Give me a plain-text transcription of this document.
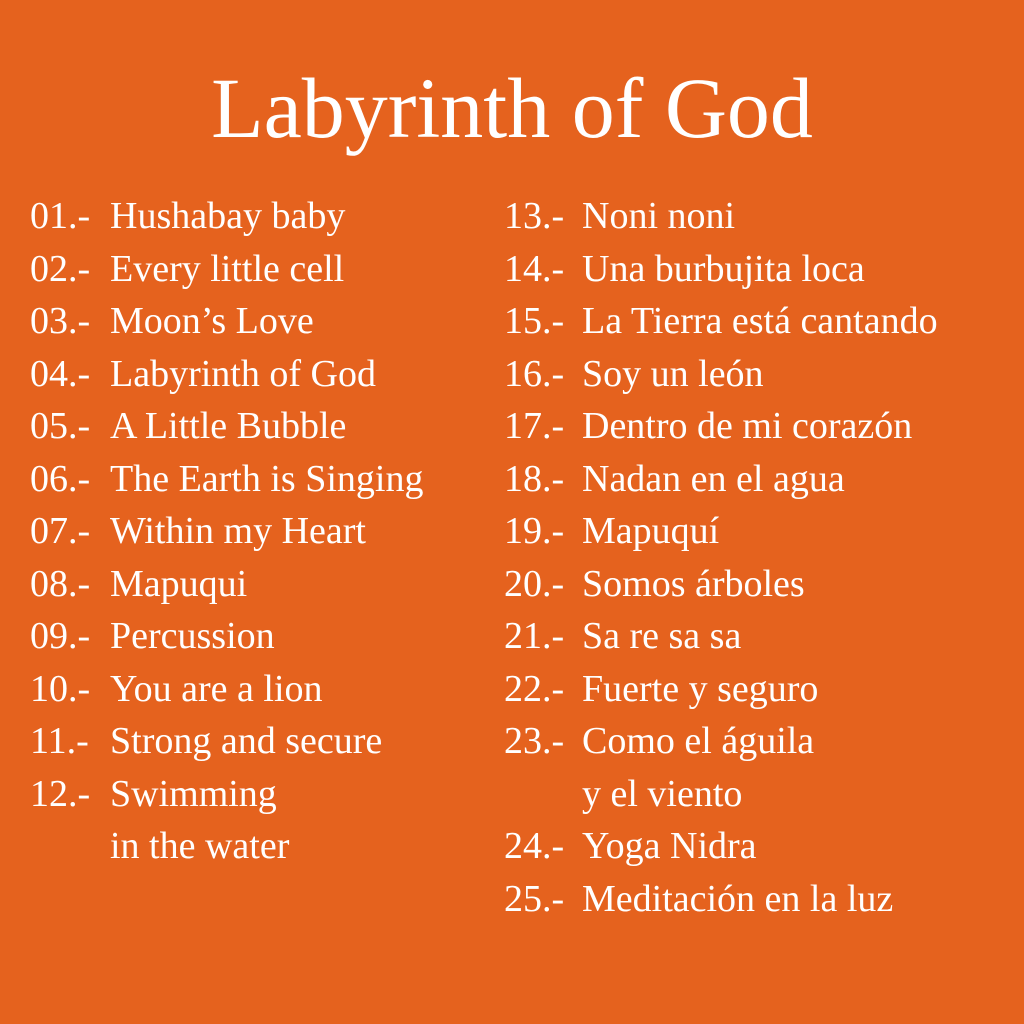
Labyrinth of God
01.- Hushabay baby
02.- Every little cell
03.- Moon’s Love
04.- Labyrinth of God
05.- A Little Bubble
06.- The Earth is Singing
07.- Within my Heart
08.- Mapuqui
09.- Percussion
10.- You are a lion
11.- Strong and secure
12.- Swimming
in the water
13.- Noni noni
14.- Una burbujita loca
15.- La Tierra está cantando
16.- Soy un león
17.- Dentro de mi corazón
18.- Nadan en el agua
19.- Mapuquí
20.- Somos árboles
21.- Sa re sa sa
22.- Fuerte y seguro
23.- Como el águila
y el viento
24.- Yoga Nidra
25.- Meditación en la luz
